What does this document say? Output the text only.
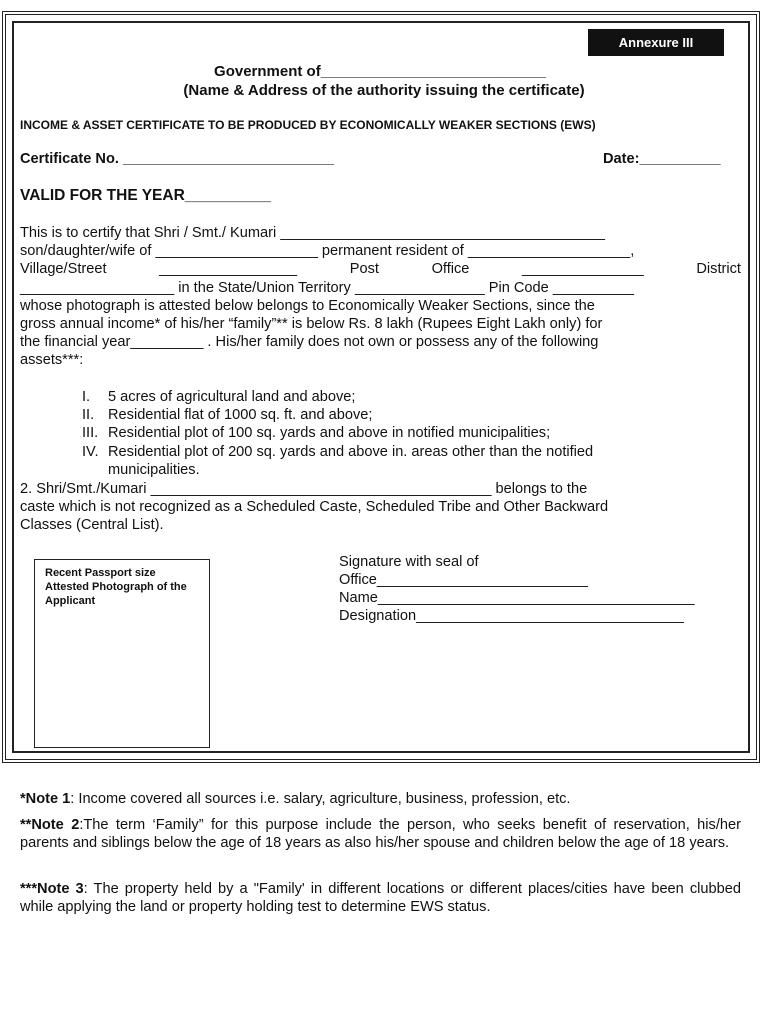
Annexure III
Government of___________________________
(Name & Address of the authority issuing the certificate)
INCOME & ASSET CERTIFICATE TO BE PRODUCED BY ECONOMICALLY WEAKER SECTIONS (EWS)
Certificate No. __________________________	Date:__________
VALID FOR THE YEAR__________
This is to certify that Shri / Smt./ Kumari ________________________________________
son/daughter/wife of ____________________ permanent resident of ____________________,
Village/Street	_________________	Post	Office	_______________	District
___________________ in the State/Union Territory ________________ Pin Code __________
whose photograph is attested below belongs to Economically Weaker Sections, since the
gross annual income* of his/her “family”** is below Rs. 8 lakh (Rupees Eight Lakh only) for
the financial year_________ . His/her family does not own or possess any of the following
assets***:
I.	5 acres of agricultural land and above;
II. Residential flat of 1000 sq. ft. and above;
III. Residential plot of 100 sq. yards and above in notified municipalities;
IV. Residential plot of 200 sq. yards and above in. areas other than the notified
municipalities.
2. Shri/Smt./Kumari __________________________________________ belongs to the
caste which is not recognized as a Scheduled Caste, Scheduled Tribe and Other Backward
Classes (Central List).
Recent Passport size Attested Photograph of the Applicant
Signature with seal of
Office__________________________
Name_______________________________________
Designation_________________________________
*Note 1: Income covered all sources i.e. salary, agriculture, business, profession, etc.
**Note 2:The term ‘Family” for this purpose include the person, who seeks benefit of reservation, his/her parents and siblings below the age of 18 years as also his/her spouse and children below the age of 18 years.
***Note 3: The property held by a "Family' in different locations or different places/cities have been clubbed while applying the land or property holding test to determine EWS status.
